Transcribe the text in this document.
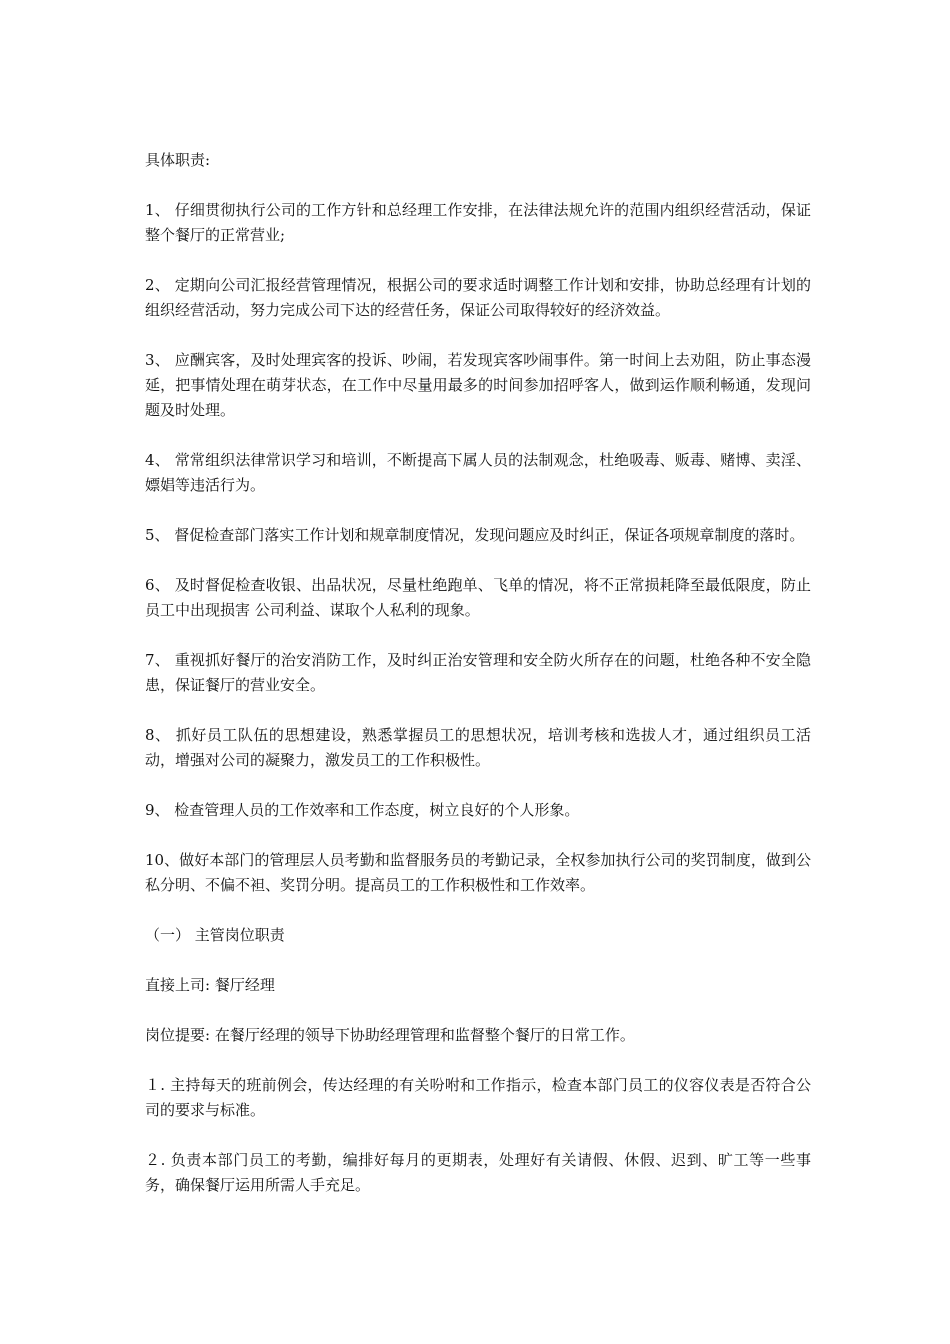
具体职责:

1、 仔细贯彻执行公司的工作方针和总经理工作安排，在法律法规允许的范围内组织经营活动，保证整个餐厅的正常营业;

2、 定期向公司汇报经营管理情况，根据公司的要求适时调整工作计划和安排，协助总经理有计划的组织经营活动，努力完成公司下达的经营任务，保证公司取得较好的经济效益。

3、 应酬宾客，及时处理宾客的投诉、吵闹，若发现宾客吵闹事件。第一时间上去劝阻，防止事态漫延，把事情处理在萌芽状态，在工作中尽量用最多的时间参加招呼客人，做到运作顺利畅通，发现问题及时处理。

4、 常常组织法律常识学习和培训，不断提高下属人员的法制观念，杜绝吸毒、贩毒、赌博、卖淫、嫖娼等违活行为。

5、 督促检查部门落实工作计划和规章制度情况，发现问题应及时纠正，保证各项规章制度的落时。

6、 及时督促检查收银、出品状况，尽量杜绝跑单、飞单的情况，将不正常损耗降至最低限度，防止员工中出现损害 公司利益、谋取个人私利的现象。

7、 重视抓好餐厅的治安消防工作，及时纠正治安管理和安全防火所存在的问题，杜绝各种不安全隐患，保证餐厅的营业安全。

8、 抓好员工队伍的思想建设，熟悉掌握员工的思想状况，培训考核和选拔人才，通过组织员工活动，增强对公司的凝聚力，激发员工的工作积极性。

9、 检查管理人员的工作效率和工作态度，树立良好的个人形象。

10、做好本部门的管理层人员考勤和监督服务员的考勤记录，全权参加执行公司的奖罚制度，做到公私分明、不偏不袒、奖罚分明。提高员工的工作积极性和工作效率。

（一） 主管岗位职责

直接上司: 餐厅经理

岗位提要: 在餐厅经理的领导下协助经理管理和监督整个餐厅的日常工作。

１. 主持每天的班前例会，传达经理的有关吩咐和工作指示，检查本部门员工的仪容仪表是否符合公司的要求与标准。

２. 负责本部门员工的考勤，编排好每月的更期表，处理好有关请假、休假、迟到、旷工等一些事务，确保餐厅运用所需人手充足。
